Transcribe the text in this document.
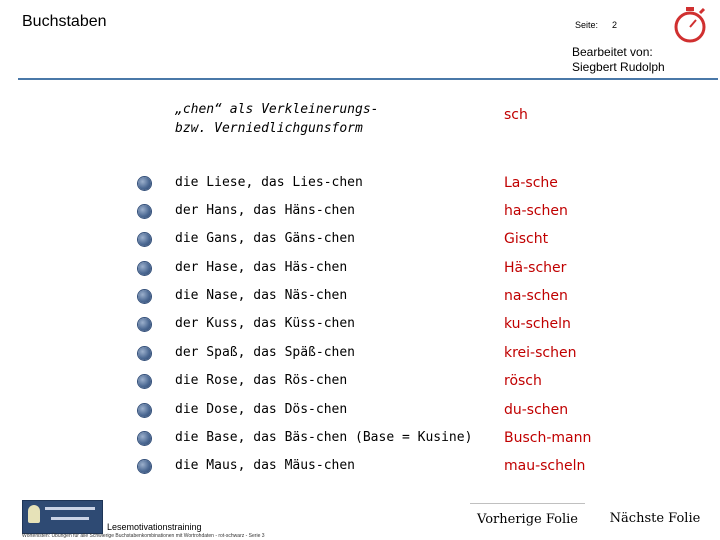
Buchstaben	Seite: 2
Bearbeitet von:
Siegbert Rudolph
„chen“ als Verkleinerungs-
bzw. Verniedlichgunsform
sch
die Liese, das Lies-chen	La-sche
der Hans, das Häns-chen	ha-schen
die Gans, das Gäns-chen	Gischt
der Hase, das Häs-chen	Hä-scher
die Nase, das Näs-chen	na-schen
der Kuss, das Küss-chen	ku-scheln
der Spaß, das Späß-chen	krei-schen
die Rose, das Rös-chen	rösch
die Dose, das Dös-chen	du-schen
die Base, das Bäs-chen (Base = Kusine) Busch-mann
die Maus, das Mäus-chen	mau-scheln
Lesemotivationstraining
Wörterlisten: Übungen für alle Schwierige Buchstabenkombinationen mit Wortrohdaten - rot-schwarz - Serie 3
Vorherige Folie	Nächste Folie
